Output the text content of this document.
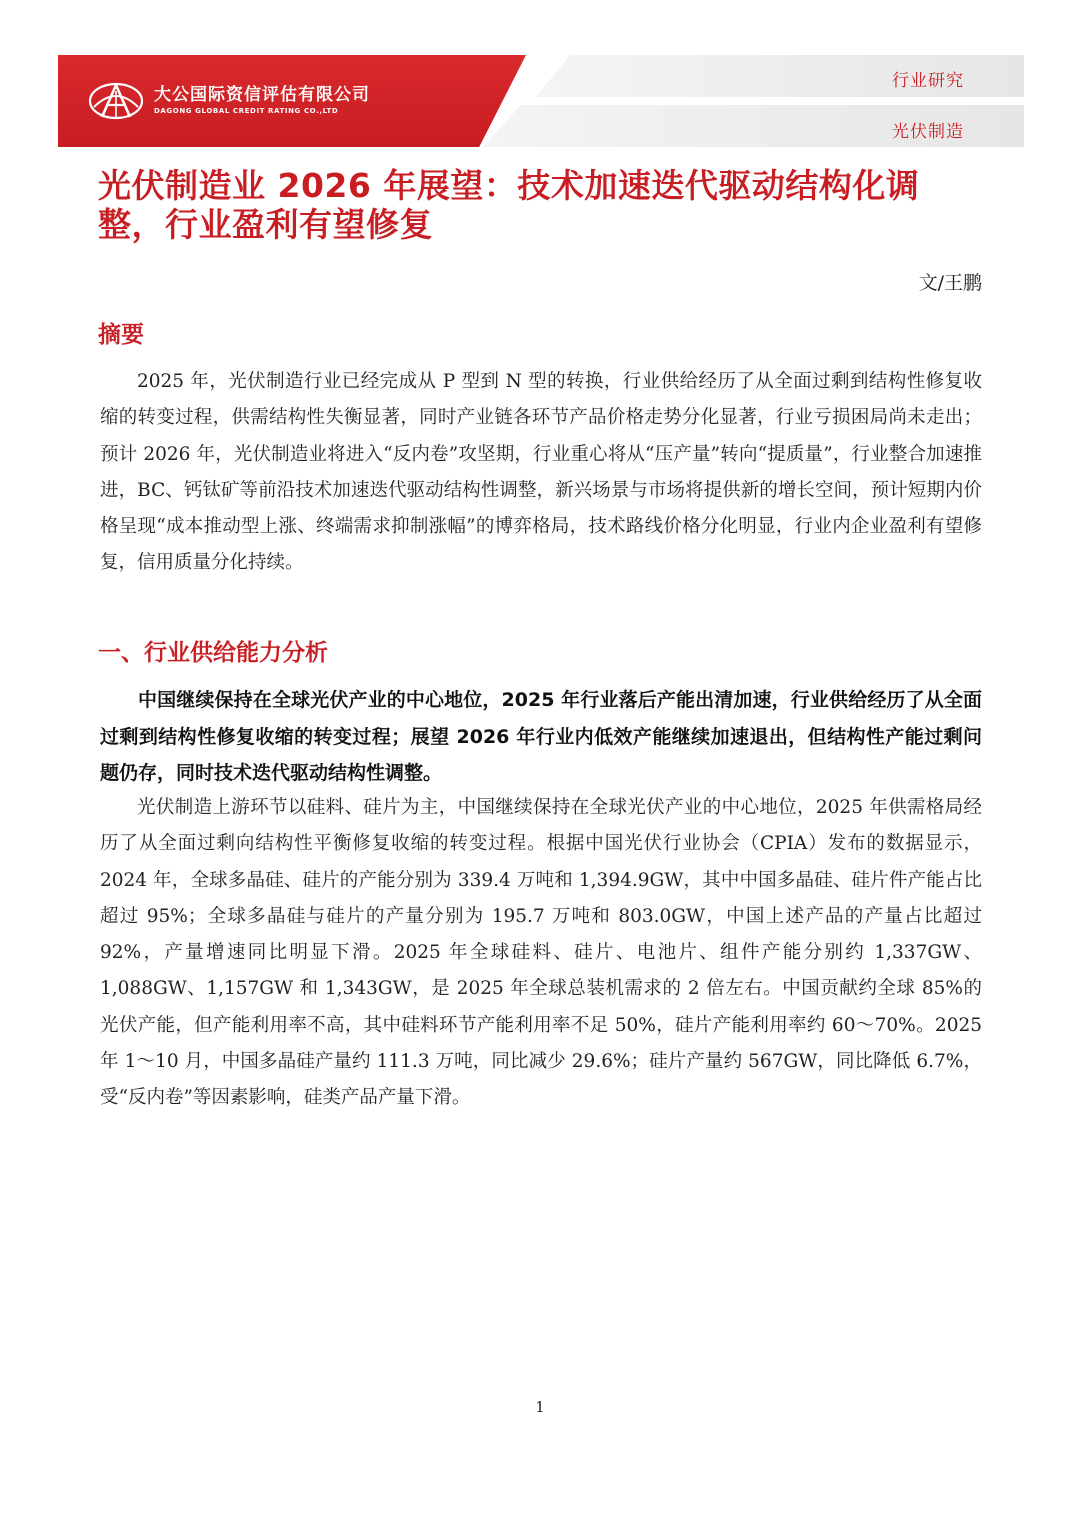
大公国际资信评估有限公司
DAGONG GLOBAL CREDIT RATING CO.,LTD
行业研究
光伏制造
光伏制造业 2026 年展望：技术加速迭代驱动结构化调整，行业盈利有望修复
文/王鹏
摘要

2025 年，光伏制造行业已经完成从 P 型到 N 型的转换，行业供给经历了从全面过剩到结构性修复收缩的转变过程，供需结构性失衡显著，同时产业链各环节产品价格走势分化显著，行业亏损困局尚未走出；预计 2026 年，光伏制造业将进入“反内卷”攻坚期，行业重心将从“压产量”转向“提质量”，行业整合加速推进，BC、钙钛矿等前沿技术加速迭代驱动结构性调整，新兴场景与市场将提供新的增长空间，预计短期内价格呈现“成本推动型上涨、终端需求抑制涨幅”的博弈格局，技术路线价格分化明显，行业内企业盈利有望修复，信用质量分化持续。

一、行业供给能力分析

中国继续保持在全球光伏产业的中心地位，2025 年行业落后产能出清加速，行业供给经历了从全面过剩到结构性修复收缩的转变过程；展望 2026 年行业内低效产能继续加速退出，但结构性产能过剩问题仍存，同时技术迭代驱动结构性调整。

光伏制造上游环节以硅料、硅片为主，中国继续保持在全球光伏产业的中心地位，2025 年供需格局经历了从全面过剩向结构性平衡修复收缩的转变过程。根据中国光伏行业协会（CPIA）发布的数据显示，2024 年，全球多晶硅、硅片的产能分别为 339.4 万吨和 1,394.9GW，其中中国多晶硅、硅片件产能占比超过 95%；全球多晶硅与硅片的产量分别为 195.7 万吨和 803.0GW，中国上述产品的产量占比超过 92%，产量增速同比明显下滑。2025 年全球硅料、硅片、电池片、组件产能分别约 1,337GW、1,088GW、1,157GW 和 1,343GW，是 2025 年全球总装机需求的 2 倍左右。中国贡献约全球 85%的光伏产能，但产能利用率不高，其中硅料环节产能利用率不足 50%，硅片产能利用率约 60～70%。2025 年 1～10 月，中国多晶硅产量约 111.3 万吨，同比减少 29.6%；硅片产量约 567GW，同比降低 6.7%，受“反内卷”等因素影响，硅类产品产量下滑。

1
